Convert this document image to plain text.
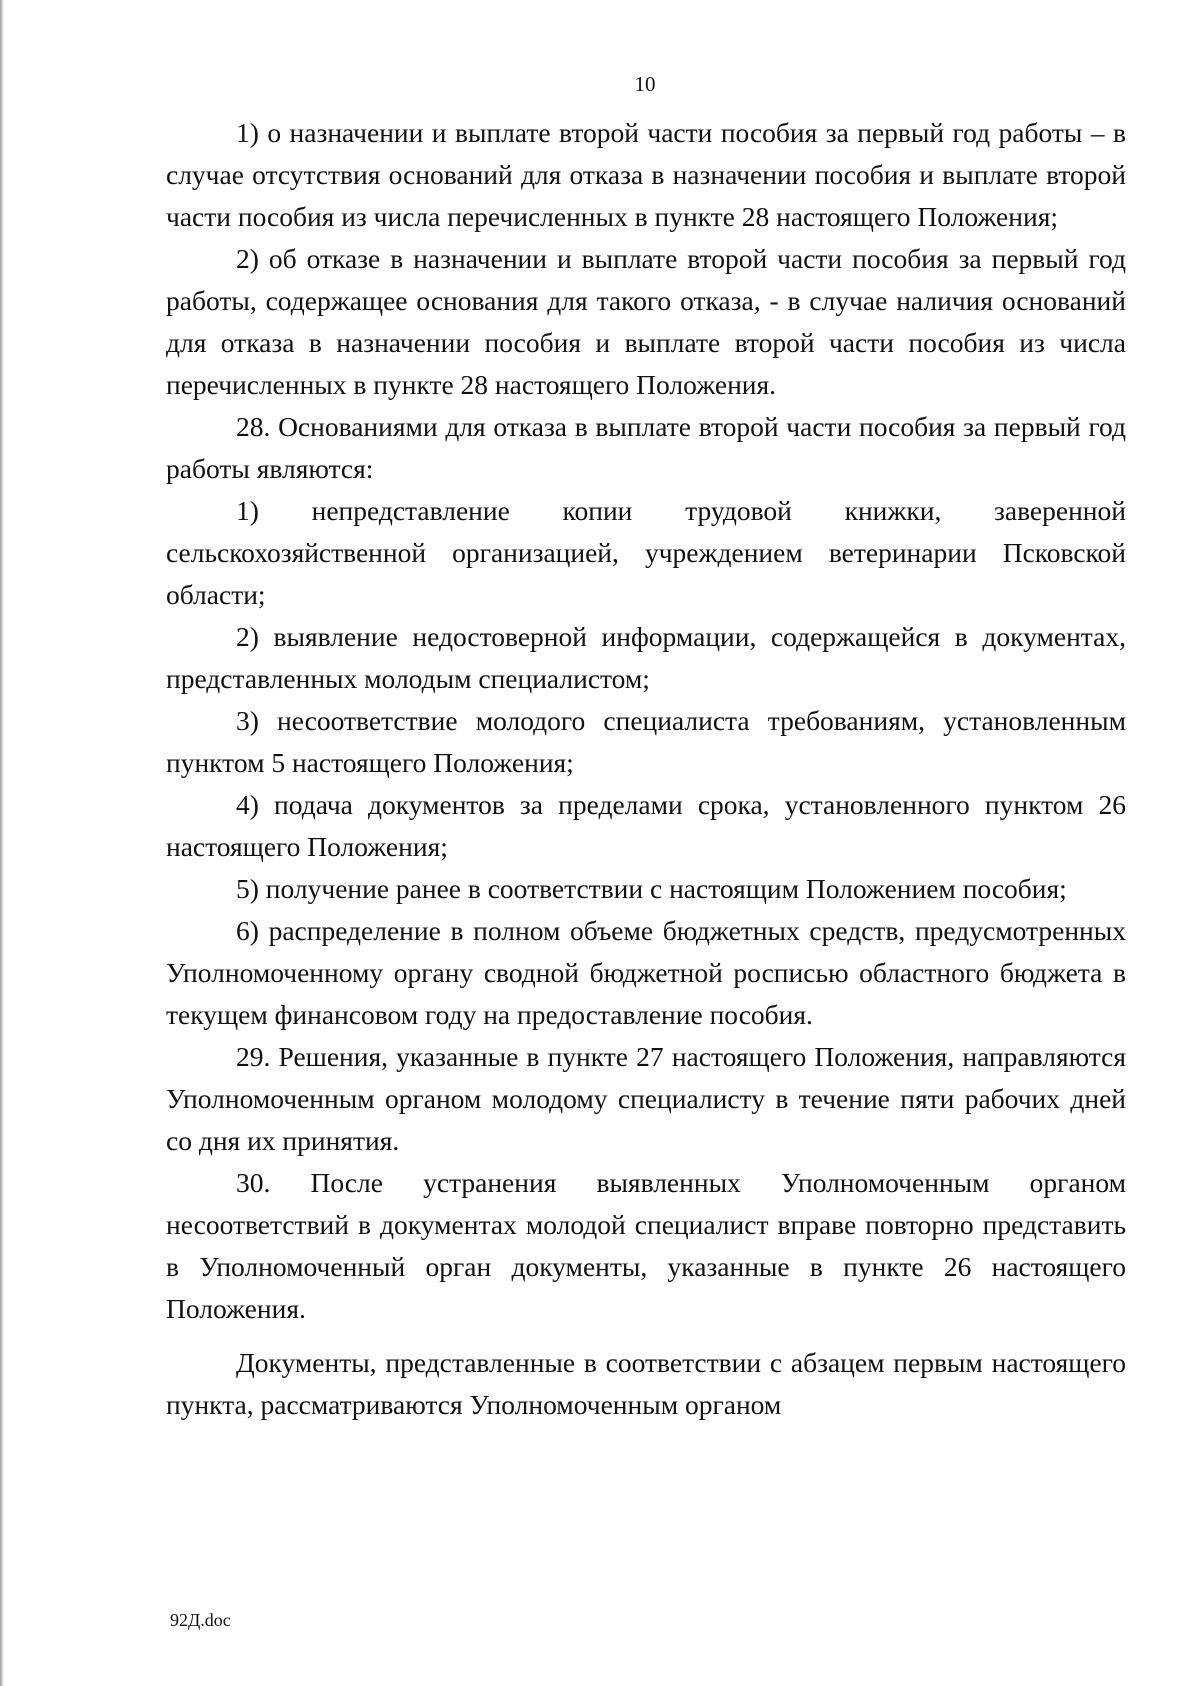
10

1) о назначении и выплате второй части пособия за первый год работы – в случае отсутствия оснований для отказа в назначении пособия и выплате второй части пособия из числа перечисленных в пункте 28 настоящего Положения;

2) об отказе в назначении и выплате второй части пособия за первый год работы, содержащее основания для такого отказа, - в случае наличия оснований для отказа в назначении пособия и выплате второй части пособия из числа перечисленных в пункте 28 настоящего Положения.

28. Основаниями для отказа в выплате второй части пособия за первый год работы являются:

1) непредставление копии трудовой книжки, заверенной сельскохозяйственной организацией, учреждением ветеринарии Псковской области;

2) выявление недостоверной информации, содержащейся в документах, представленных молодым специалистом;

3) несоответствие молодого специалиста требованиям, установленным пунктом 5 настоящего Положения;

4) подача документов за пределами срока, установленного пунктом 26 настоящего Положения;

5) получение ранее в соответствии с настоящим Положением пособия;

6) распределение в полном объеме бюджетных средств, предусмотренных Уполномоченному органу сводной бюджетной росписью областного бюджета в текущем финансовом году на предоставление пособия.

29. Решения, указанные в пункте 27 настоящего Положения, направляются Уполномоченным органом молодому специалисту в течение пяти рабочих дней со дня их принятия.

30. После устранения выявленных Уполномоченным органом несоответствий в документах молодой специалист вправе повторно представить в Уполномоченный орган документы, указанные в пункте 26 настоящего Положения.

Документы, представленные в соответствии с абзацем первым настоящего пункта, рассматриваются Уполномоченным органом

92Д.doc
